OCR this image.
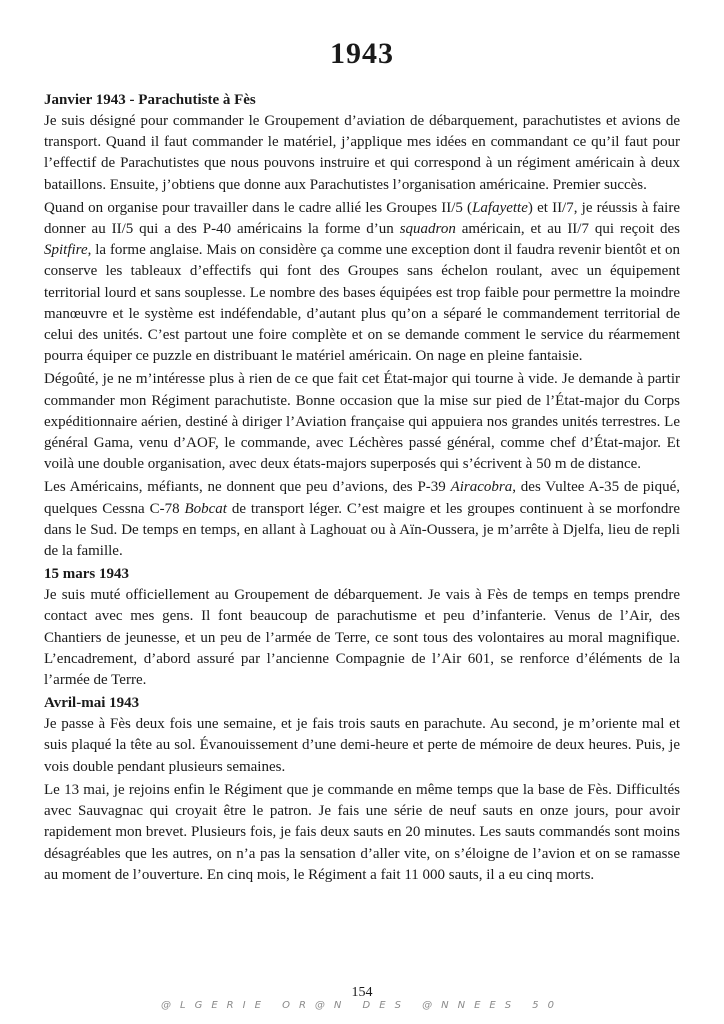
1943
Janvier 1943 - Parachutiste à Fès

Je suis désigné pour commander le Groupement d’aviation de débarquement, parachutistes et avions de transport. Quand il faut commander le matériel, j’applique mes idées en commandant ce qu’il faut pour l’effectif de Parachutistes que nous pouvons instruire et qui correspond à un régiment américain à deux bataillons. Ensuite, j’obtiens que donne aux Parachutistes l’organisation américaine. Premier succès.

Quand on organise pour travailler dans le cadre allié les Groupes II/5 (Lafayette) et II/7, je réussis à faire donner au II/5 qui a des P-40 américains la forme d’un squadron américain, et au II/7 qui reçoit des Spitfire, la forme anglaise. Mais on considère ça comme une exception dont il faudra revenir bientôt et on conserve les tableaux d’effectifs qui font des Groupes sans échelon roulant, avec un équipement territorial lourd et sans souplesse. Le nombre des bases équipées est trop faible pour permettre la moindre manœuvre et le système est indéfendable, d’autant plus qu’on a séparé le commandement territorial de celui des unités. C’est partout une foire complète et on se demande comment le service du réarmement pourra équiper ce puzzle en distribuant le matériel américain. On nage en pleine fantaisie.

Dégoûté, je ne m’intéresse plus à rien de ce que fait cet État-major qui tourne à vide. Je demande à partir commander mon Régiment parachutiste. Bonne occasion que la mise sur pied de l’État-major du Corps expéditionnaire aérien, destiné à diriger l’Aviation française qui appuiera nos grandes unités terrestres. Le général Gama, venu d’AOF, le commande, avec Léchères passé général, comme chef d’État-major. Et voilà une double organisation, avec deux états-majors superposés qui s’écrivent à 50 m de distance.

Les Américains, méfiants, ne donnent que peu d’avions, des P-39 Airacobra, des Vultee A-35 de piqué, quelques Cessna C-78 Bobcat de transport léger. C’est maigre et les groupes continuent à se morfondre dans le Sud. De temps en temps, en allant à Laghouat ou à Aïn-Oussera, je m’arrête à Djelfa, lieu de repli de la famille.

15 mars 1943

Je suis muté officiellement au Groupement de débarquement. Je vais à Fès de temps en temps prendre contact avec mes gens. Il font beaucoup de parachutisme et peu d’infanterie. Venus de l’Air, des Chantiers de jeunesse, et un peu de l’armée de Terre, ce sont tous des volontaires au moral magnifique. L’encadrement, d’abord assuré par l’ancienne Compagnie de l’Air 601, se renforce d’éléments de la l’armée de Terre.

Avril-mai 1943

Je passe à Fès deux fois une semaine, et je fais trois sauts en parachute. Au second, je m’oriente mal et suis plaqué la tête au sol. Évanouissement d’une demi-heure et perte de mémoire de deux heures. Puis, je vois double pendant plusieurs semaines.

Le 13 mai, je rejoins enfin le Régiment que je commande en même temps que la base de Fès. Difficultés avec Sauvagnac qui croyait être le patron. Je fais une série de neuf sauts en onze jours, pour avoir rapidement mon brevet. Plusieurs fois, je fais deux sauts en 20 minutes. Les sauts commandés sont moins désagréables que les autres, on n’a pas la sensation d’aller vite, on s’éloigne de l’avion et on se ramasse au moment de l’ouverture. En cinq mois, le Régiment a fait 11 000 sauts, il a eu cinq morts.

154
@LGERIE OR@N DES @NNEES 50
